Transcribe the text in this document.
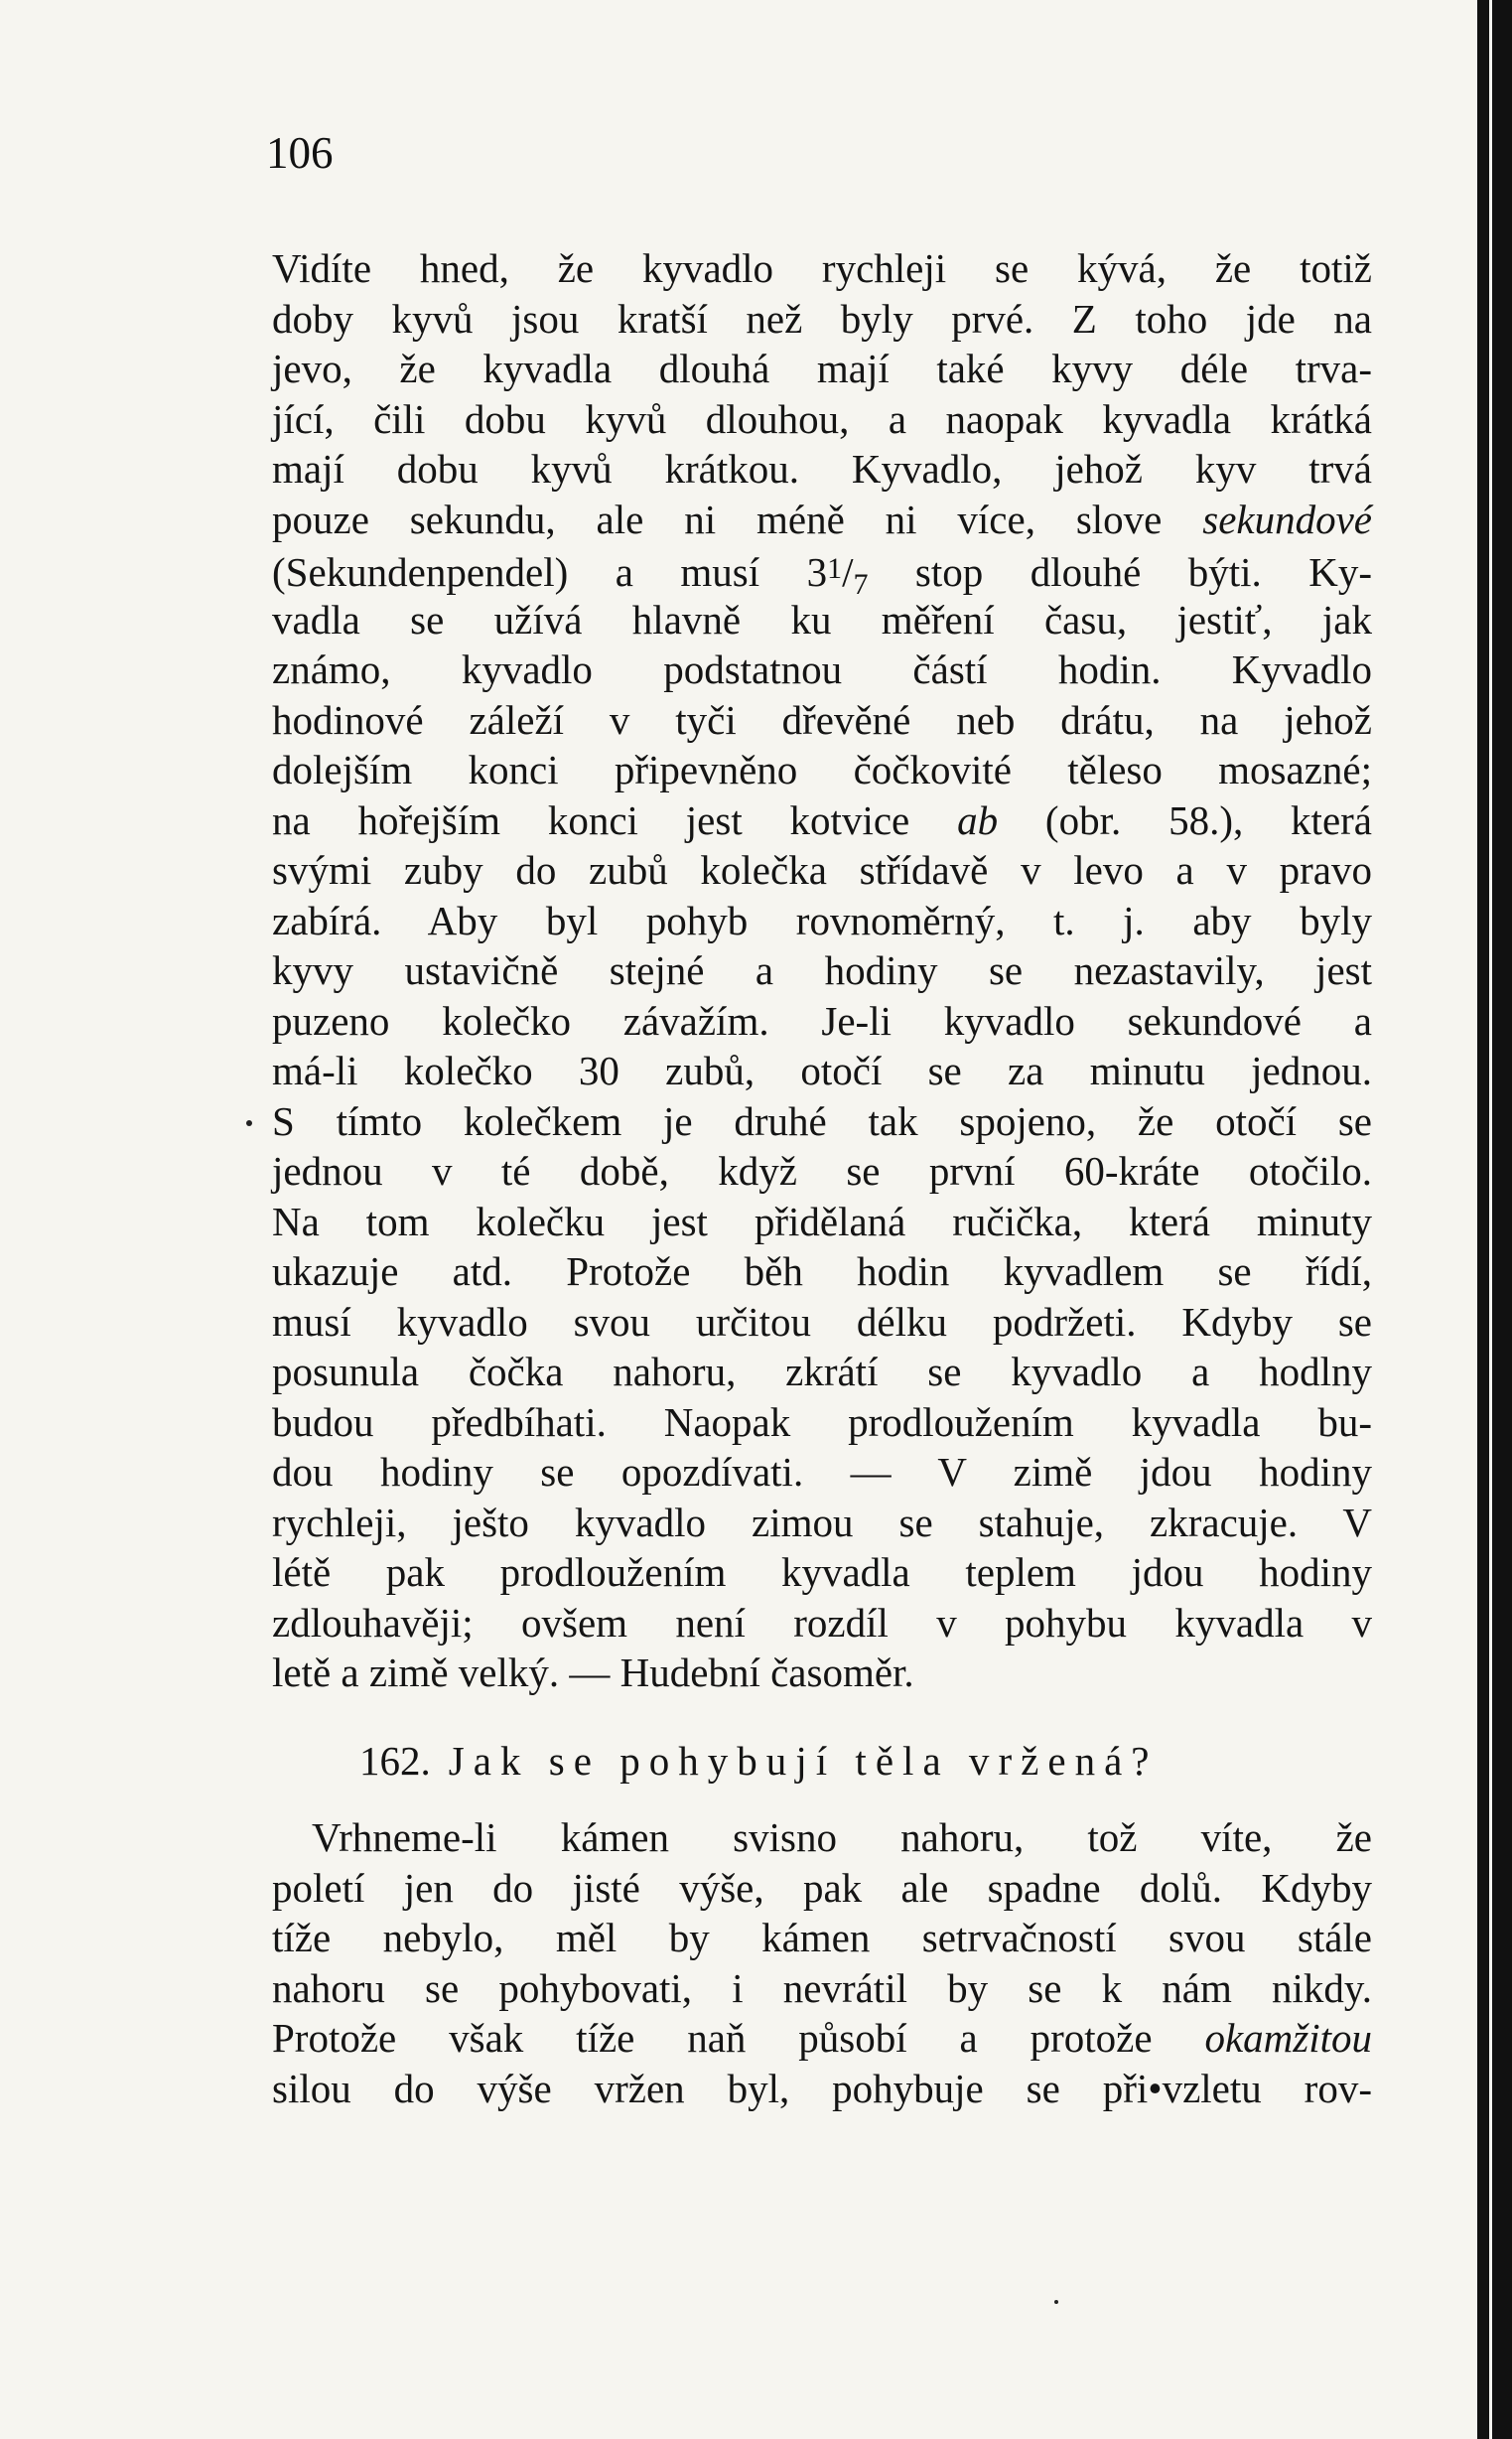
106
Vidíte hned, že kyvadlo rychleji se kývá, že totiž
doby kyvů jsou kratší než byly prvé. Z toho jde na
jevo, že kyvadla dlouhá mají také kyvy déle trva-
jící, čili dobu kyvů dlouhou, a naopak kyvadla krátká
mají dobu kyvů krátkou. Kyvadlo, jehož kyv trvá
pouze sekundu, ale ni méně ni více, slove sekundové
(Sekundenpendel) a musí 31/7 stop dlouhé býti. Ky-
vadla se užívá hlavně ku měření času, jestiť, jak
známo, kyvadlo podstatnou částí hodin. Kyvadlo
hodinové záleží v tyči dřevěné neb drátu, na jehož
dolejším konci připevněno čočkovité těleso mosazné;
na hořejším konci jest kotvice ab (obr. 58.), která
svými zuby do zubů kolečka střídavě v levo a v pravo
zabírá. Aby byl pohyb rovnoměrný, t. j. aby byly
kyvy ustavičně stejné a hodiny se nezastavily, jest
puzeno kolečko závažím. Je-li kyvadlo sekundové a
má-li kolečko 30 zubů, otočí se za minutu jednou.
S tímto kolečkem je druhé tak spojeno, že otočí se
jednou v té době, když se první 60-kráte otočilo.
Na tom kolečku jest přidělaná ručička, která minuty
ukazuje atd. Protože běh hodin kyvadlem se řídí,
musí kyvadlo svou určitou délku podržeti. Kdyby se
posunula čočka nahoru, zkrátí se kyvadlo a hodlny
budou předbíhati. Naopak prodloužením kyvadla bu-
dou hodiny se opozdívati. — V zimě jdou hodiny
rychleji, ješto kyvadlo zimou se stahuje, zkracuje. V
létě pak prodloužením kyvadla teplem jdou hodiny
zdlouhavěji; ovšem není rozdíl v pohybu kyvadla v
letě a zimě velký. — Hudební časoměr.
162. Jak se pohybují těla vržená?
Vrhneme-li kámen svisno nahoru, tož víte, že
poletí jen do jisté výše, pak ale spadne dolů. Kdyby
tíže nebylo, měl by kámen setrvačností svou stále
nahoru se pohybovati, i nevrátil by se k nám nikdy.
Protože však tíže naň působí a protože okamžitou
silou do výše vržen byl, pohybuje se při•vzletu rov-
